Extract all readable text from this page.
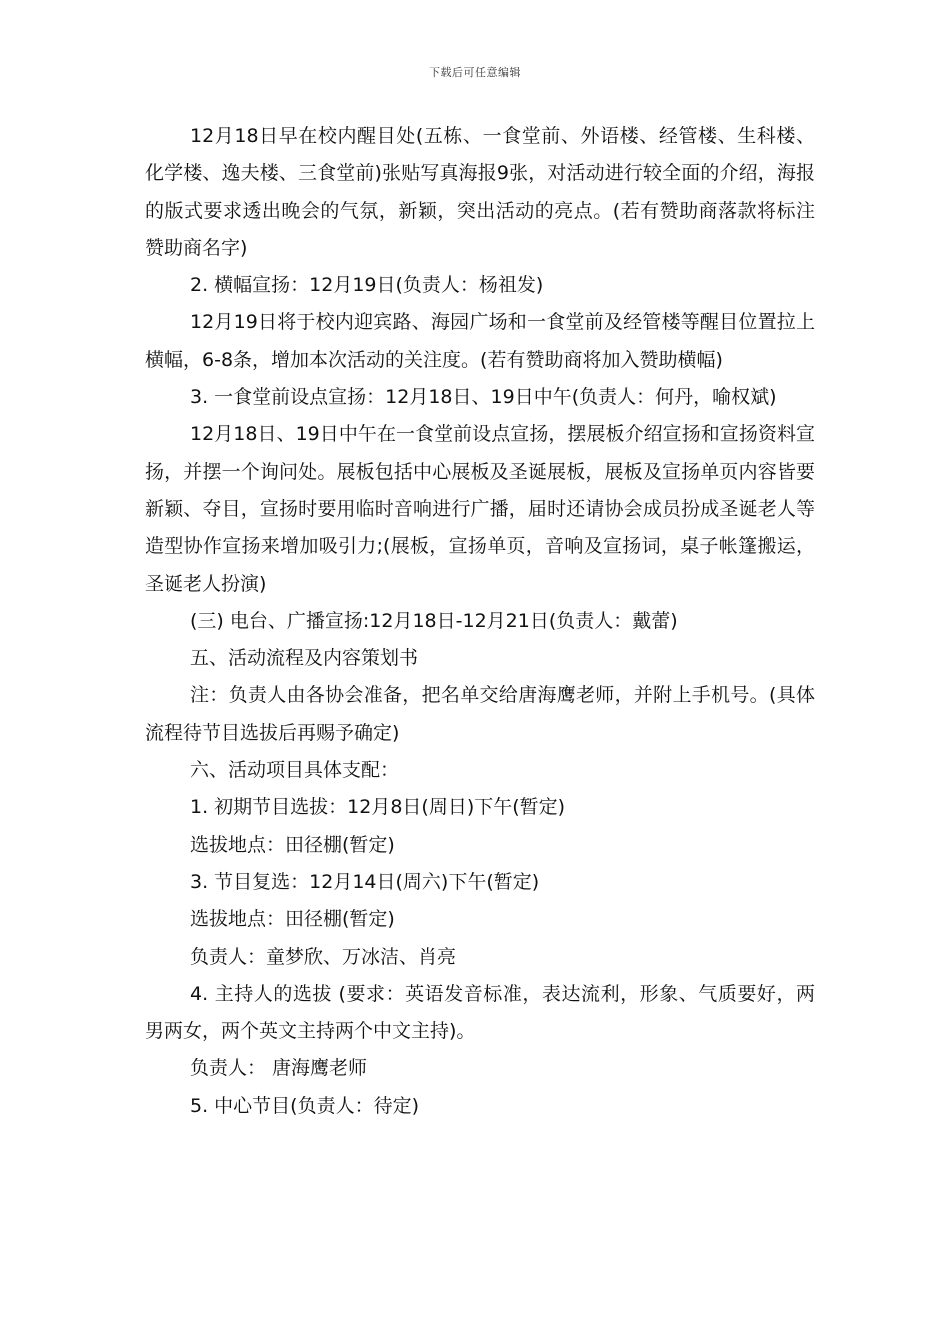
下载后可任意编辑

12月18日早在校内醒目处(五栋、一食堂前、外语楼、经管楼、生科楼、化学楼、逸夫楼、三食堂前)张贴写真海报9张，对活动进行较全面的介绍，海报的版式要求透出晚会的气氛，新颖，突出活动的亮点。(若有赞助商落款将标注赞助商名字)

2. 横幅宣扬：12月19日(负责人：杨祖发)

12月19日将于校内迎宾路、海园广场和一食堂前及经管楼等醒目位置拉上横幅，6-8条，增加本次活动的关注度。(若有赞助商将加入赞助横幅)

3. 一食堂前设点宣扬：12月18日、19日中午(负责人：何丹，喻权斌)

12月18日、19日中午在一食堂前设点宣扬，摆展板介绍宣扬和宣扬资料宣扬，并摆一个询问处。展板包括中心展板及圣诞展板，展板及宣扬单页内容皆要新颖、夺目，宣扬时要用临时音响进行广播，届时还请协会成员扮成圣诞老人等造型协作宣扬来增加吸引力;(展板，宣扬单页，音响及宣扬词，桌子帐篷搬运，圣诞老人扮演)

(三) 电台、广播宣扬:12月18日-12月21日(负责人：戴蕾)

五、活动流程及内容策划书

注：负责人由各协会准备，把名单交给唐海鹰老师，并附上手机号。(具体流程待节目选拔后再赐予确定)

六、活动项目具体支配：

1. 初期节目选拔：12月8日(周日)下午(暂定)

选拔地点：田径棚(暂定)

3. 节目复选：12月14日(周六)下午(暂定)

选拔地点：田径棚(暂定)

负责人：童梦欣、万冰洁、肖亮

4. 主持人的选拔 (要求：英语发音标准，表达流利，形象、气质要好，两男两女，两个英文主持两个中文主持)。

负责人： 唐海鹰老师

5. 中心节目(负责人：待定)
